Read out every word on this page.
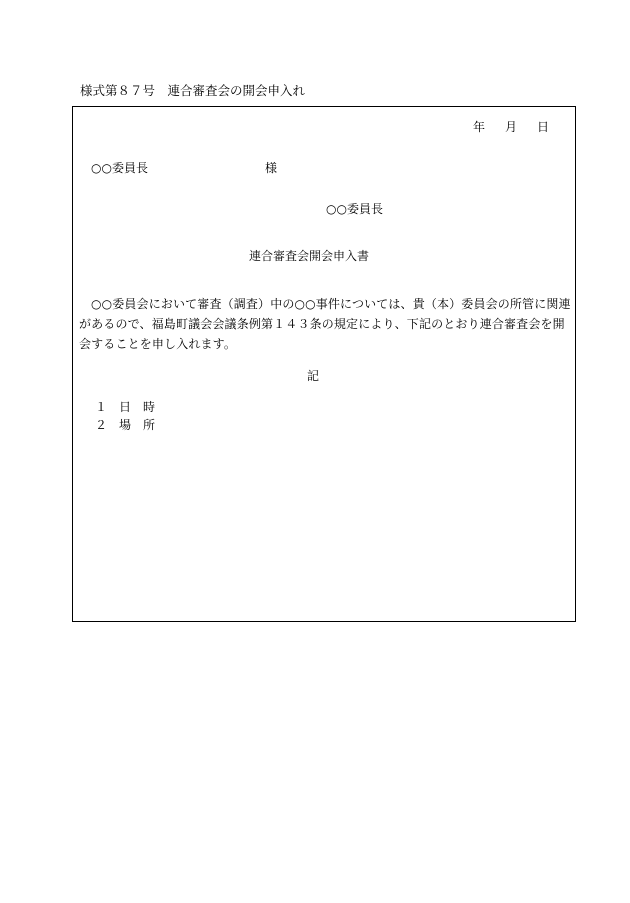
様式第８７号　連合審査会の開会申入れ
年 月 日
○○委員長	様
○○委員長
連合審査会開会申入書
○○委員会において審査（調査）中の○○事件については、貴（本）委員会の所管に関連があるので、福島町議会会議条例第１４３条の規定により、下記のとおり連合審査会を開会することを申し入れます。
記
１ 日　時
２ 場　所
